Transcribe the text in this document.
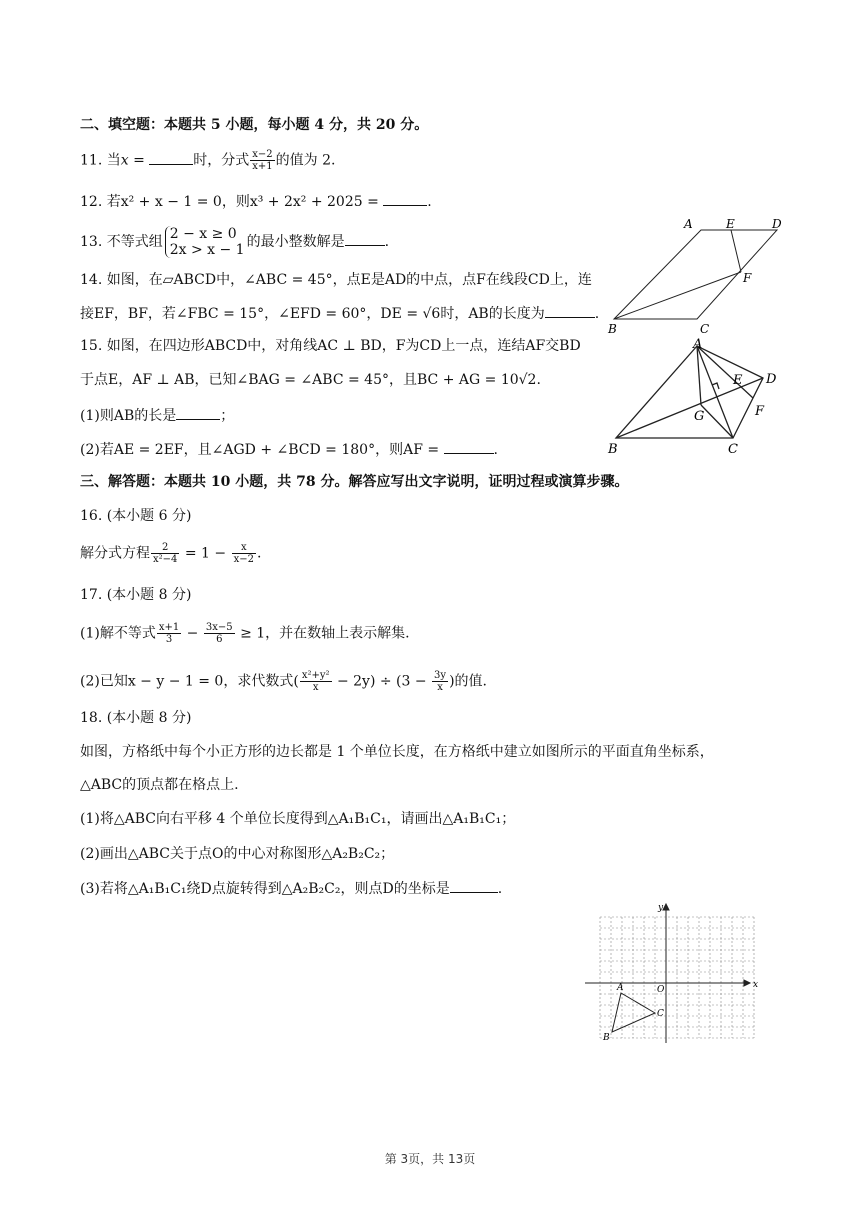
二、填空题：本题共 5 小题，每小题 4 分，共 20 分。
11. 当x =	时，分式 $\frac{x-2}{x+1}$ 的值为 2.
12. 若x² + x − 1 = 0，则x³ + 2x² + 2025 =	.
13. 不等式组 2 − x ≥ 0
2x > x − 1 的最小整数解是	.
14. 如图，在▱ABCD中，∠ABC = 45°，点E是AD的中点，点F在线段CD上，连
接EF，BF，若∠FBC = 15°，∠EFD = 60°，DE = √6时，AB的长度为	.
15. 如图，在四边形ABCD中，对角线AC ⊥ BD，F为CD上一点，连结AF交BD
于点E，AF ⊥ AB，已知∠BAG = ∠ABC = 45°，且BC + AG = 10√2.
(1)则AB的长是	；
(2)若AE = 2EF，且∠AGD + ∠BCD = 180°，则AF =	.
三、解答题：本题共 10 小题，共 78 分。解答应写出文字说明，证明过程或演算步骤。
16. (本小题 6 分)
解分式方程 $\frac{2}{\text{x²−4}} = 1 - \frac{x}{x-2}$ .
17. (本小题 8 分)
(1)解不等式 $\frac{x+1}{3} - \frac{3x-5}{6} \ge 1$，并在数轴上表示解集.
(2)已知x − y − 1 = 0，求代数式( $\frac{\text{x²+y²}}{x} - 2y) \div (3 - \frac{3y}{x}$ )的值.
18. (本小题 8 分)
如图，方格纸中每个小正方形的边长都是 1 个单位长度，在方格纸中建立如图所示的平面直角坐标系，
△ABC的顶点都在格点上.
(1)将△ABC向右平移 4 个单位长度得到△A₁B₁C₁，请画出△A₁B₁C₁；
(2)画出△ABC关于点O的中心对称图形△A₂B₂C₂；
(3)若将△A₁B₁C₁绕D点旋转得到△A₂B₂C₂，则点D的坐标是	.
A	E	D
F
B	C
A
E D
G	F
B	C
x
y
O
A
B
C
第 3页，共 13页
